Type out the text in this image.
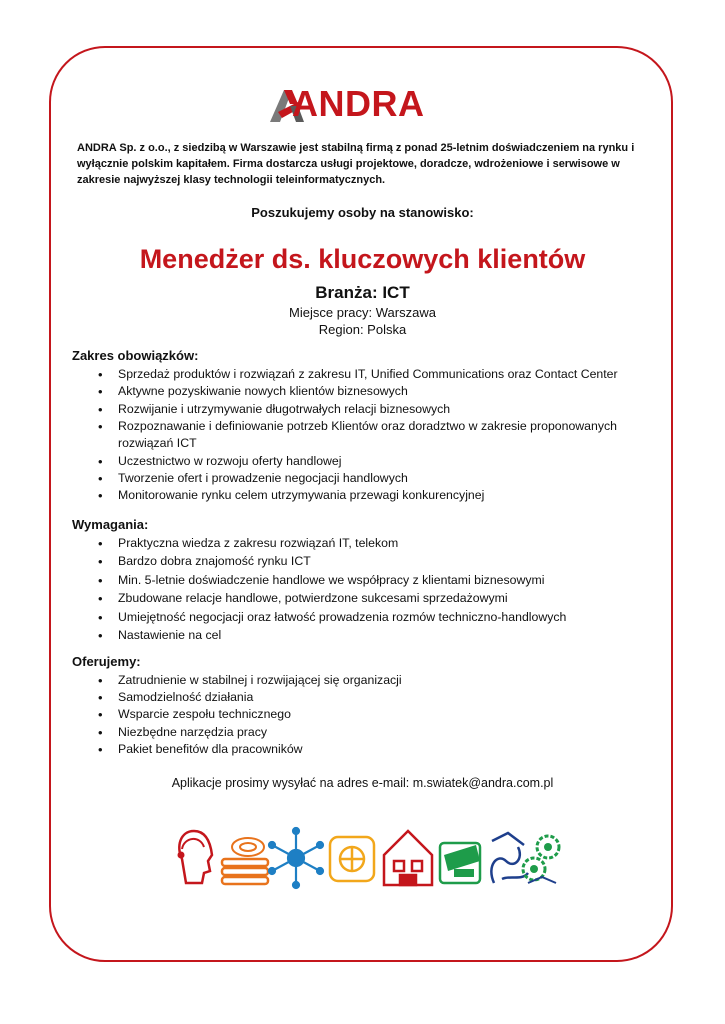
ANDRA
ANDRA Sp. z o.o., z siedzibą w Warszawie jest stabilną firmą z ponad 25-letnim doświadczeniem na rynku i wyłącznie polskim kapitałem. Firma dostarcza usługi projektowe, doradcze, wdrożeniowe i serwisowe w zakresie najwyższej klasy technologii teleinformatycznych.
Poszukujemy osoby na stanowisko:
Menedżer ds. kluczowych klientów
Branża: ICT
Miejsce pracy: Warszawa
Region: Polska
Zakres obowiązków:
• Sprzedaż produktów i rozwiązań z zakresu IT, Unified Communications oraz Contact Center
• Aktywne pozyskiwanie nowych klientów biznesowych
• Rozwijanie i utrzymywanie długotrwałych relacji biznesowych
• Rozpoznawanie i definiowanie potrzeb Klientów oraz doradztwo w zakresie proponowanych rozwiązań ICT
• Uczestnictwo w rozwoju oferty handlowej
• Tworzenie ofert i prowadzenie negocjacji handlowych
• Monitorowanie rynku celem utrzymywania przewagi konkurencyjnej
Wymagania:
• Praktyczna wiedza z zakresu rozwiązań IT, telekom
• Bardzo dobra znajomość rynku ICT
• Min. 5-letnie doświadczenie handlowe we współpracy z klientami biznesowymi
• Zbudowane relacje handlowe, potwierdzone sukcesami sprzedażowymi
• Umiejętność negocjacji oraz łatwość prowadzenia rozmów techniczno-handlowych
• Nastawienie na cel
Oferujemy:
• Zatrudnienie w stabilnej i rozwijającej się organizacji
• Samodzielność działania
• Wsparcie zespołu technicznego
• Niezbędne narzędzia pracy
• Pakiet benefitów dla pracowników
Aplikacje prosimy wysyłać na adres e-mail: m.swiatek@andra.com.pl
